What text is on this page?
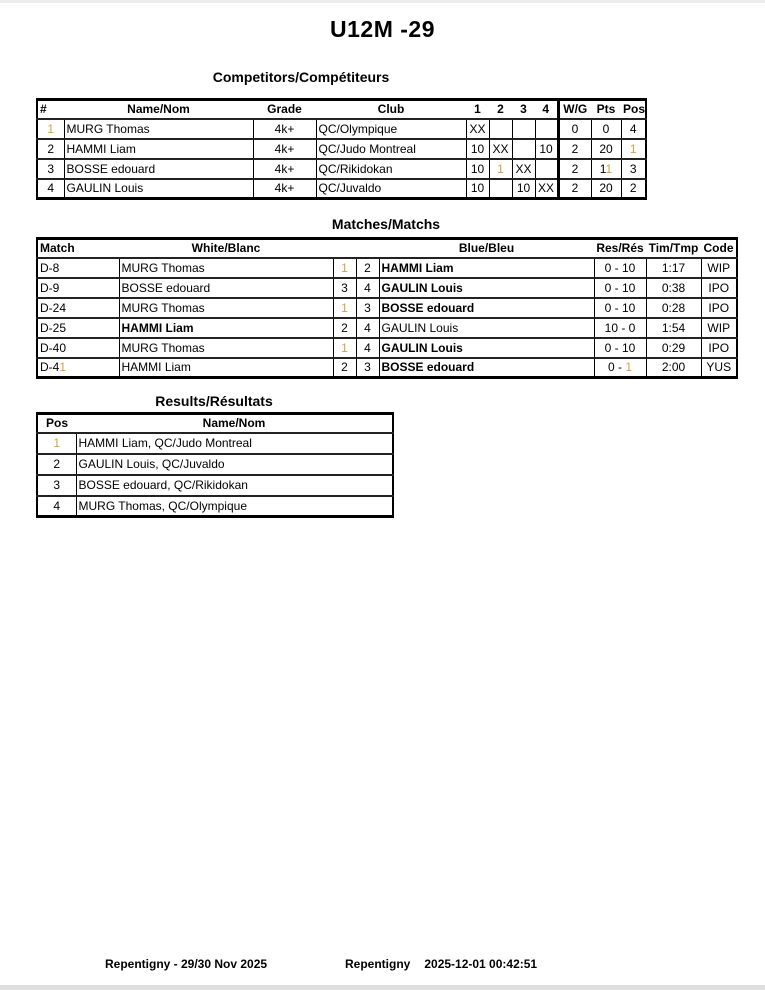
U12M -29
Competitors/Compétiteurs
#	Name/Nom	Grade	Club	1	2	3	4	W/G	Pts	Pos
1	MURG Thomas	4k+	QC/Olympique	XX				0	0	4
2	HAMMI Liam	4k+	QC/Judo Montreal	10	XX		10	2	20	1
3	BOSSE edouard	4k+	QC/Rikidokan	10	1	XX		2	11	3
4	GAULIN Louis	4k+	QC/Juvaldo	10		10	XX	2	20	2
Matches/Matchs
Match	White/Blanc			Blue/Bleu	Res/Rés	Tim/Tmp	Code
D-8	MURG Thomas	1	2	HAMMI Liam	0 - 10	1:17	WIP
D-9	BOSSE edouard	3	4	GAULIN Louis	0 - 10	0:38	IPO
D-24	MURG Thomas	1	3	BOSSE edouard	0 - 10	0:28	IPO
D-25	HAMMI Liam	2	4	GAULIN Louis	10 - 0	1:54	WIP
D-40	MURG Thomas	1	4	GAULIN Louis	0 - 10	0:29	IPO
D-41	HAMMI Liam	2	3	BOSSE edouard	0 - 1	2:00	YUS
Results/Résultats
Pos	Name/Nom
1	HAMMI Liam, QC/Judo Montreal
2	GAULIN Louis, QC/Juvaldo
3	BOSSE edouard, QC/Rikidokan
4	MURG Thomas, QC/Olympique
Repentigny - 29/30 Nov 2025	Repentigny 2025-12-01 00:42:51
